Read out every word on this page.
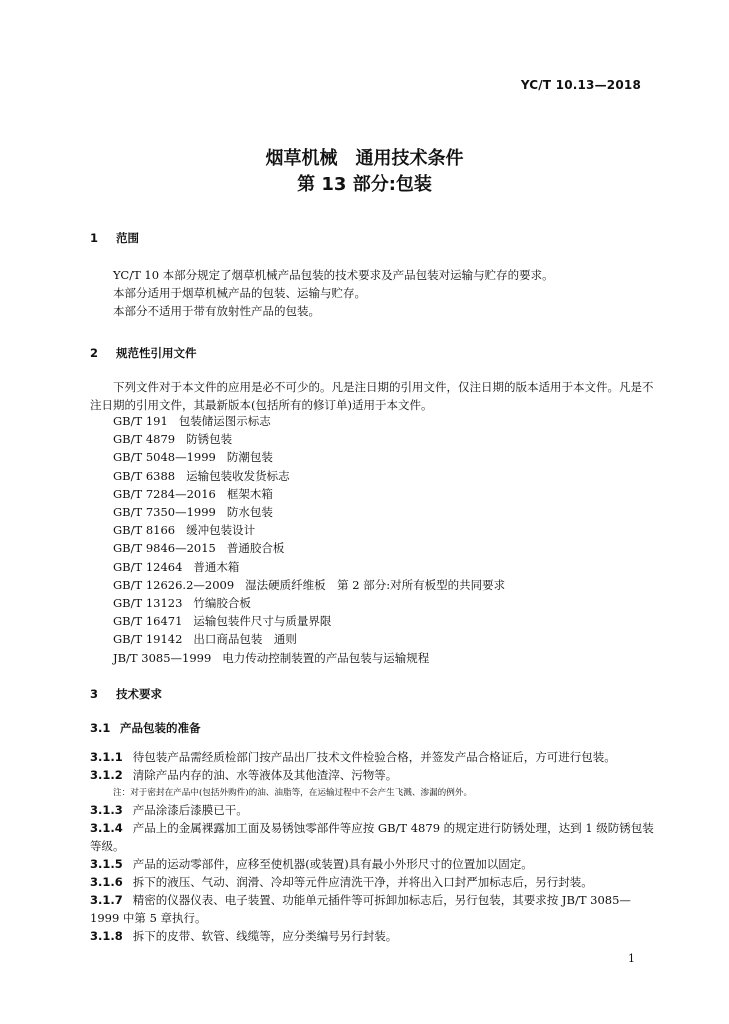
YC/T 10.13—2018
烟草机械　通用技术条件
第 13 部分:包装
1 范围
YC/T 10 本部分规定了烟草机械产品包装的技术要求及产品包装对运输与贮存的要求。
本部分适用于烟草机械产品的包装、运输与贮存。
本部分不适用于带有放射性产品的包装。
2 规范性引用文件
下列文件对于本文件的应用是必不可少的。凡是注日期的引用文件，仅注日期的版本适用于本文件。凡是不注日期的引用文件，其最新版本(包括所有的修订单)适用于本文件。
GB/T 191 包装储运图示标志
GB/T 4879 防锈包装
GB/T 5048—1999 防潮包装
GB/T 6388 运输包装收发货标志
GB/T 7284—2016 框架木箱
GB/T 7350—1999 防水包装
GB/T 8166 缓冲包装设计
GB/T 9846—2015 普通胶合板
GB/T 12464 普通木箱
GB/T 12626.2—2009 湿法硬质纤维板　第 2 部分:对所有板型的共同要求
GB/T 13123 竹编胶合板
GB/T 16471 运输包装件尺寸与质量界限
GB/T 19142 出口商品包装　通则
JB/T 3085—1999 电力传动控制装置的产品包装与运输规程
3 技术要求
3.1 产品包装的准备
3.1.1 待包装产品需经质检部门按产品出厂技术文件检验合格，并签发产品合格证后，方可进行包装。
3.1.2 清除产品内存的油、水等液体及其他渣滓、污物等。
注：对于密封在产品中(包括外购件)的油、油脂等，在运输过程中不会产生飞溅、渗漏的例外。
3.1.3 产品涂漆后漆膜已干。
3.1.4 产品上的金属裸露加工面及易锈蚀零部件等应按 GB/T 4879 的规定进行防锈处理，达到 1 级防锈包装等级。
3.1.5 产品的运动零部件，应移至使机器(或装置)具有最小外形尺寸的位置加以固定。
3.1.6 拆下的液压、气动、润滑、冷却等元件应清洗干净，并将出入口封严加标志后，另行封装。
3.1.7 精密的仪器仪表、电子装置、功能单元插件等可拆卸加标志后，另行包装，其要求按 JB/T 3085—1999 中第 5 章执行。
3.1.8 拆下的皮带、软管、线缆等，应分类编号另行封装。
1
